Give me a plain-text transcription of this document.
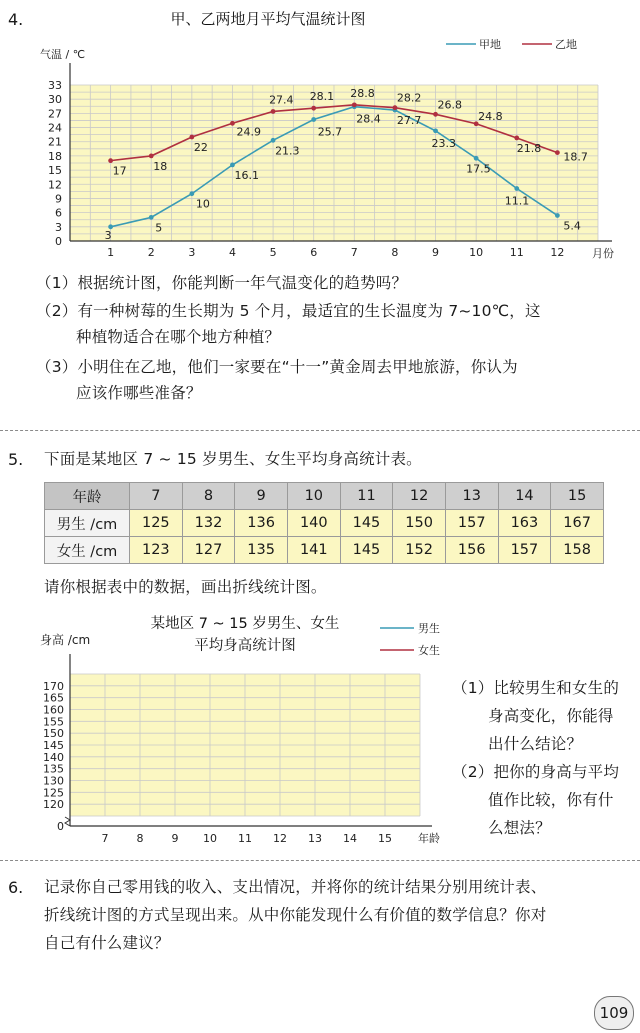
4.	甲、乙两地月平均气温统计图
气温 / ℃
甲地	乙地
0
3
6
9
12
15
18
21
24
27
30
33
1	2	3	4	5	6	7	8	9	10 11 12
3
5
10
16.1
21.3
25.7
28.4 27.7
23.3
17.5
11.1
5.4
17 18
22
24.9
27.4 28.1 28.8 28.2
26.8
24.8
21.8
18.7
月份
（1）根据统计图，你能判断一年气温变化的趋势吗？
（2）有一种树莓的生长期为 5 个月，最适宜的生长温度为 7~10℃，这
种植物适合在哪个地方种植？
（3）小明住在乙地，他们一家要在“十一”黄金周去甲地旅游，你认为
应该作哪些准备？
5. 下面是某地区 7 ~ 15 岁男生、女生平均身高统计表。
年龄	7	8	9	10	11	12	13	14	15
男生 /cm	125	132	136	140	145	150	157	163	167
女生 /cm	123	127	135	141	145	152	156	157	158
请你根据表中的数据，画出折线统计图。
某地区 7 ~ 15 岁男生、女生
平均身高统计图
身高 /cm
男生
女生
170
165
160
155
150
145
140
135
130
125
120
0
7	8	9 10 11 12 13 14 15 年龄
（1）比较男生和女生的
身高变化，你能得
出什么结论？
（2）把你的身高与平均
值作比较，你有什
么想法？
6. 记录你自己零用钱的收入、支出情况，并将你的统计结果分别用统计表、
折线统计图的方式呈现出来。从中你能发现什么有价值的数学信息？你对
自己有什么建议？
109
